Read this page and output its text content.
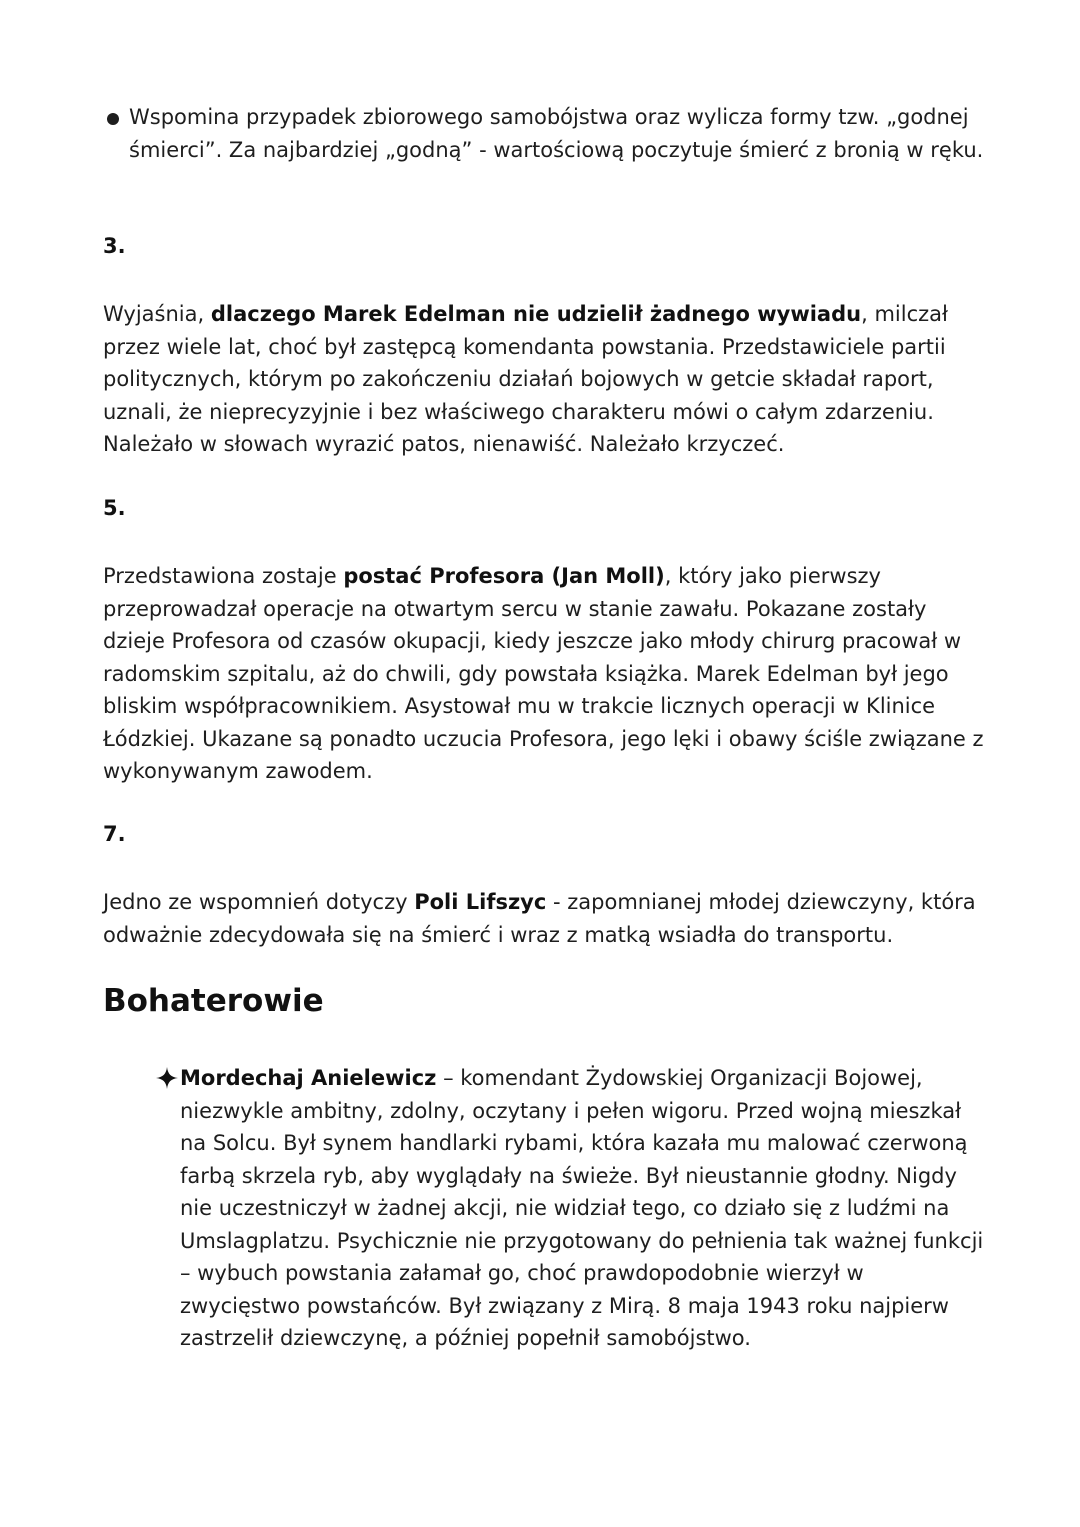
Wspomina przypadek zbiorowego samobójstwa oraz wylicza formy tzw. „godnej śmierci”. Za najbardziej „godną” - wartościową poczytuje śmierć z bronią w ręku.

3.

Wyjaśnia, dlaczego Marek Edelman nie udzielił żadnego wywiadu, milczał przez wiele lat, choć był zastępcą komendanta powstania. Przedstawiciele partii politycznych, którym po zakończeniu działań bojowych w getcie składał raport, uznali, że nieprecyzyjnie i bez właściwego charakteru mówi o całym zdarzeniu. Należało w słowach wyrazić patos, nienawiść. Należało krzyczeć.

5.

Przedstawiona zostaje postać Profesora (Jan Moll), który jako pierwszy przeprowadzał operacje na otwartym sercu w stanie zawału. Pokazane zostały dzieje Profesora od czasów okupacji, kiedy jeszcze jako młody chirurg pracował w radomskim szpitalu, aż do chwili, gdy powstała książka. Marek Edelman był jego bliskim współpracownikiem. Asystował mu w trakcie licznych operacji w Klinice Łódzkiej. Ukazane są ponadto uczucia Profesora, jego lęki i obawy ściśle związane z wykonywanym zawodem.

7.

Jedno ze wspomnień dotyczy Poli Lifszyc - zapomnianej młodej dziewczyny, która odważnie zdecydowała się na śmierć i wraz z matką wsiadła do transportu.

Bohaterowie

Mordechaj Anielewicz – komendant Żydowskiej Organizacji Bojowej, niezwykle ambitny, zdolny, oczytany i pełen wigoru. Przed wojną mieszkał na Solcu. Był synem handlarki rybami, która kazała mu malować czerwoną farbą skrzela ryb, aby wyglądały na świeże. Był nieustannie głodny. Nigdy nie uczestniczył w żadnej akcji, nie widział tego, co działo się z ludźmi na Umslagplatzu. Psychicznie nie przygotowany do pełnienia tak ważnej funkcji – wybuch powstania załamał go, choć prawdopodobnie wierzył w zwycięstwo powstańców. Był związany z Mirą. 8 maja 1943 roku najpierw zastrzelił dziewczynę, a później popełnił samobójstwo.
